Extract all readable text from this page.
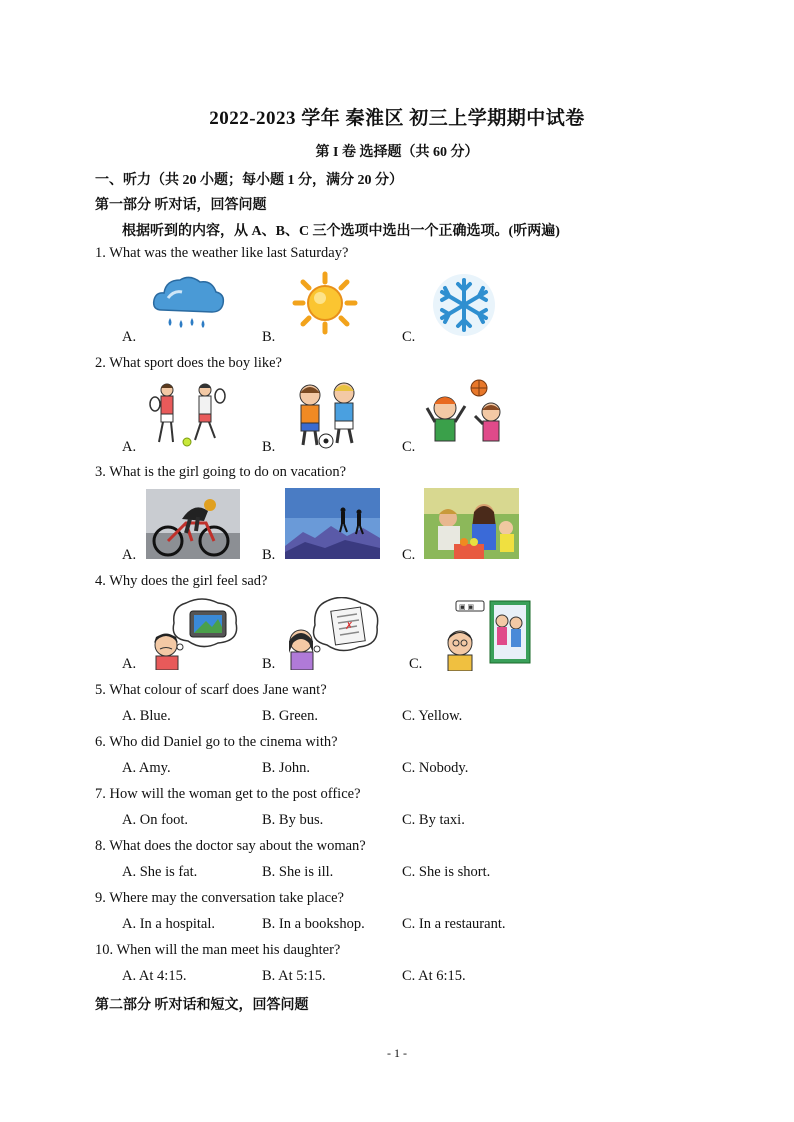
2022-2023 学年 秦淮区 初三上学期期中试卷
第 I 卷 选择题（共 60 分）
一、听力（共 20 小题；每小题 1 分，满分 20 分）
第一部分 听对话，回答问题
根据听到的内容，从 A、B、C 三个选项中选出一个正确选项。(听两遍)
1. What was the weather like last Saturday?
A.	B.	C.
2. What sport does the boy like?
A.	B.	C.
3. What is the girl going to do on vacation?
A.	B.	C.
4. Why does the girl feel sad?
A.	B.	C.
✗
▣ ▣
5. What colour of scarf does Jane want?
A. Blue.	B. Green.	C. Yellow.
6. Who did Daniel go to the cinema with?
A. Amy.	B. John.	C. Nobody.
7. How will the woman get to the post office?
A. On foot.	B. By bus.	C. By taxi.
8. What does the doctor say about the woman?
A. She is fat.	B. She is ill.	C. She is short.
9. Where may the conversation take place?
A. In a hospital.	B. In a bookshop.	C. In a restaurant.
10. When will the man meet his daughter?
A. At 4:15.	B. At 5:15.	C. At 6:15.
第二部分 听对话和短文，回答问题
- 1 -
